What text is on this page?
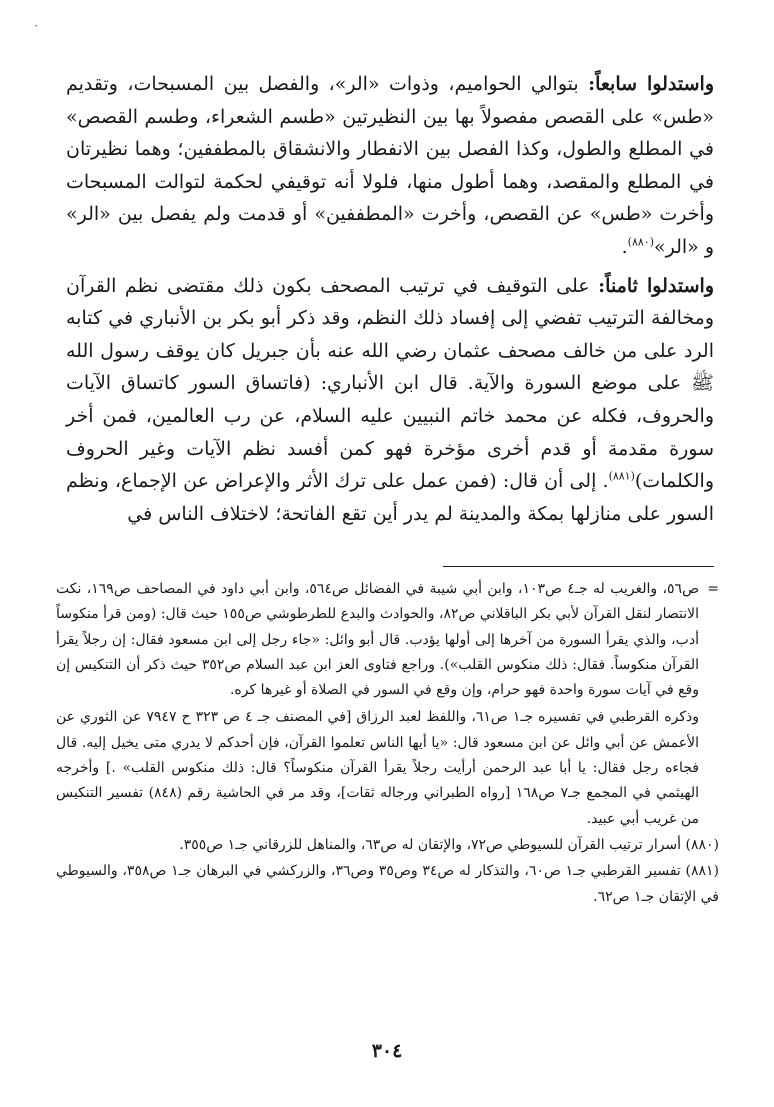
٠

واستدلوا سابعاً: بتوالي الحواميم، وذوات «الر»، والفصل بين المسبحات، وتقديم «طس» على القصص مفصولاً بها بين النظيرتين «طسم الشعراء، وطسم القصص» في المطلع والطول، وكذا الفصل بين الانفطار والانشقاق بالمطففين؛ وهما نظيرتان في المطلع والمقصد، وهما أطول منها، فلولا أنه توقيفي لحكمة لتوالت المسبحات وأخرت «طس» عن القصص، وأخرت «المطففين» أو قدمت ولم يفصل بين «الر» و «الر»$^{(٨٨٠)}$.

واستدلوا ثامناً: على التوقيف في ترتيب المصحف بكون ذلك مقتضى نظم القرآن ومخالفة الترتيب تفضي إلى إفساد ذلك النظم، وقد ذكر أبو بكر بن الأنباري في كتابه الرد على من خالف مصحف عثمان رضي الله عنه بأن جبريل كان يوقف رسول الله ﷺ على موضع السورة والآية. قال ابن الأنباري: (فاتساق السور كاتساق الآيات والحروف، فكله عن محمد خاتم النبيين عليه السلام، عن رب العالمين، فمن أخر سورة مقدمة أو قدم أخرى مؤخرة فهو كمن أفسد نظم الآيات وغير الحروف والكلمات)$^{(٨٨١)}$. إلى أن قال: (فمن عمل على ترك الأثر والإعراض عن الإجماع، ونظم السور على منازلها بمكة والمدينة لم يدر أين تقع الفاتحة؛ لاختلاف الناس في

=
ص٥٦، والغريب له جـ٤ ص١٠٣، وابن أبي شيبة في الفضائل ص٥٦٤، وابن أبي داود في المصاحف ص١٦٩، نكت الانتصار لنقل القرآن لأبي بكر الباقلاني ص٨٢، والحوادث والبدع للطرطوشي ص١٥٥ حيث قال: (ومن قرأ منكوساً أدب، والذي يقرأ السورة من آخرها إلى أولها يؤدب. قال أبو وائل: «جاء رجل إلى ابن مسعود فقال: إن رجلاً يقرأ القرآن منكوساً. فقال: ذلك منكوس القلب»). وراجع فتاوى العز ابن عبد السلام ص٣٥٢ حيث ذكر أن التنكيس إن وقع في آيات سورة واحدة فهو حرام، وإن وقع في السور في الصلاة أو غيرها كره.
وذكره القرطبي في تفسيره جـ١ ص٦١، واللفظ لعبد الرزاق [في المصنف جـ ٤ ص ٣٢٣ ح ٧٩٤٧ عن الثوري عن الأعمش عن أبي وائل عن ابن مسعود قال: «يا أيها الناس تعلموا القرآن، فإن أحدكم لا يدري متى يخيل إليه. قال فجاءه رجل فقال: يا أبا عبد الرحمن أرأيت رجلاً يقرأ القرآن منكوساً؟ قال: ذلك منكوس القلب» .] وأخرجه الهيثمي في المجمع جـ٧ ص١٦٨ [رواه الطبراني ورجاله ثقات]، وقد مر في الحاشية رقم (٨٤٨) تفسير التنكيس من غريب أبي عبيد.
(٨٨٠) أسرار ترتيب القرآن للسيوطي ص٧٢، والإتقان له ص٦٣، والمناهل للزرقاني جـ١ ص٣٥٥.
(٨٨١) تفسير القرطبي جـ١ ص٦٠، والتذكار له ص٣٤ وص٣٥ وص٣٦، والزركشي في البرهان جـ١ ص٣٥٨، والسيوطي في الإتقان جـ١ ص٦٢.
٣٠٤
